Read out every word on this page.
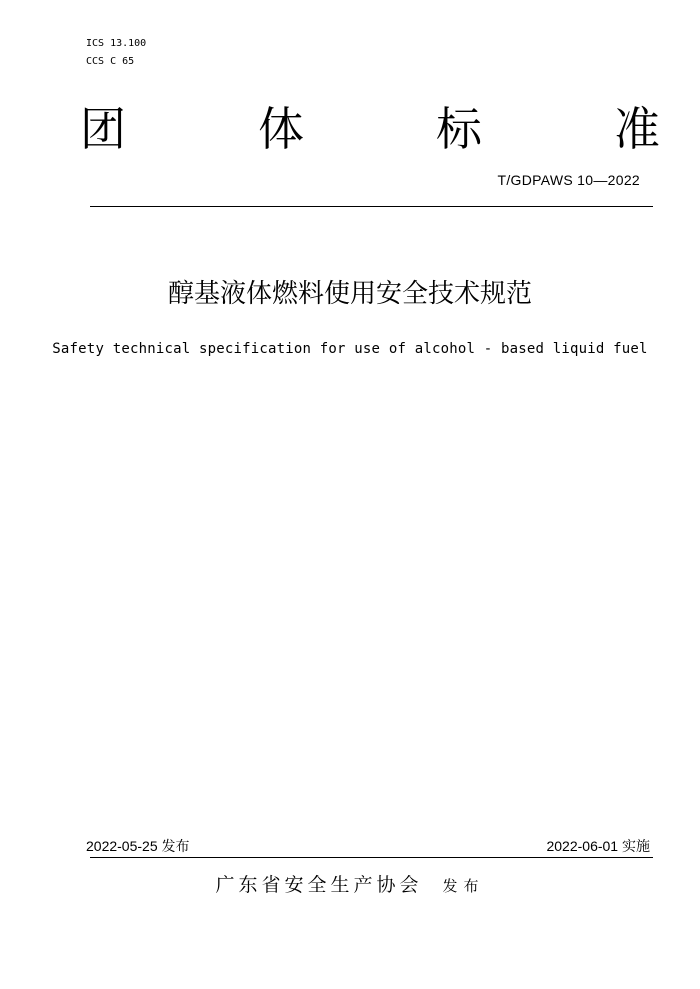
ICS 13.100
CCS C 65
团	体	标	准
T/GDPAWS 10—2022
醇基液体燃料使用安全技术规范
Safety technical specification for use of alcohol - based liquid fuel
2022-05-25 发布	2022-06-01 实施
广东省安全生产协会 发布
